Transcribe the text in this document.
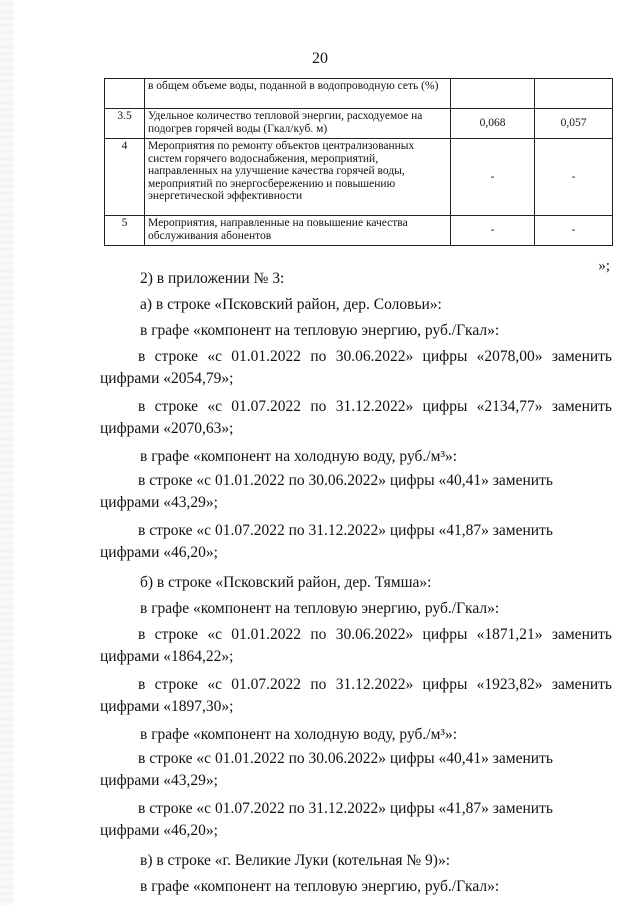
20
	в общем объеме воды, поданной в водопроводную сеть (%)		
3.5	Удельное количество тепловой энергии, расходуемое на подогрев горячей воды (Гкал/куб. м)	0,068	0,057
4	Мероприятия по ремонту объектов централизованных систем горячего водоснабжения, мероприятий, направленных на улучшение качества горячей воды, мероприятий по энергосбережению и повышению энергетической эффективности	-	-
5	Мероприятия, направленные на повышение качества обслуживания абонентов	-	-
»;

2) в приложении № 3:

а) в строке «Псковский район, дер. Соловьи»:

в графе «компонент на тепловую энергию, руб./Гкал»:

в строке «с 01.01.2022 по 30.06.2022» цифры «2078,00» заменить

цифрами «2054,79»;

в строке «с 01.07.2022 по 31.12.2022» цифры «2134,77» заменить

цифрами «2070,63»;

в графе «компонент на холодную воду, руб./м³»:

в строке «с 01.01.2022 по 30.06.2022» цифры «40,41» заменить цифрами «43,29»;

в строке «с 01.07.2022 по 31.12.2022» цифры «41,87» заменить цифрами «46,20»;

б) в строке «Псковский район, дер. Тямша»:

в графе «компонент на тепловую энергию, руб./Гкал»:

в строке «с 01.01.2022 по 30.06.2022» цифры «1871,21» заменить

цифрами «1864,22»;

в строке «с 01.07.2022 по 31.12.2022» цифры «1923,82» заменить

цифрами «1897,30»;

в графе «компонент на холодную воду, руб./м³»:

в строке «с 01.01.2022 по 30.06.2022» цифры «40,41» заменить цифрами «43,29»;

в строке «с 01.07.2022 по 31.12.2022» цифры «41,87» заменить цифрами «46,20»;

в) в строке «г. Великие Луки (котельная № 9)»:

в графе «компонент на тепловую энергию, руб./Гкал»:
